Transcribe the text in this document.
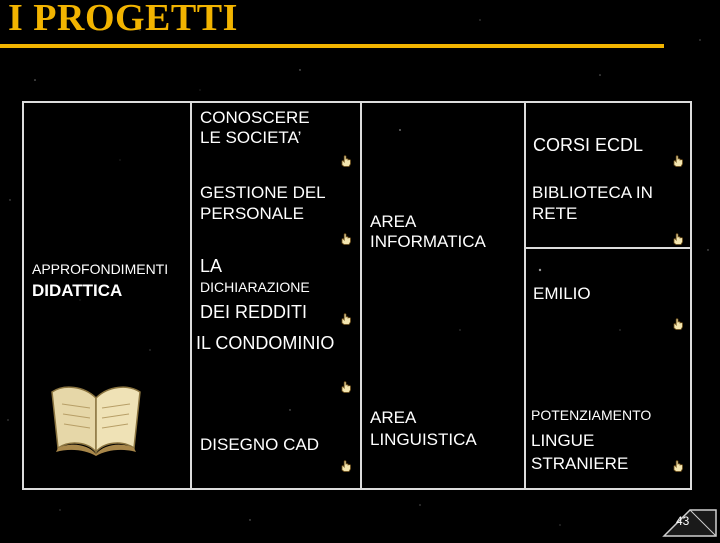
I PROGETTI
APPROFONDIMENTI
DIDATTICA
CONOSCERE
LE SOCIETA’
GESTIONE DEL
PERSONALE
LA
DICHIARAZIONE
DEI REDDITI
IL CONDOMINIO
DISEGNO CAD
AREA
INFORMATICA
AREA
LINGUISTICA
CORSI ECDL
BIBLIOTECA IN
RETE
EMILIO
POTENZIAMENTO
LINGUE
STRANIERE
43
